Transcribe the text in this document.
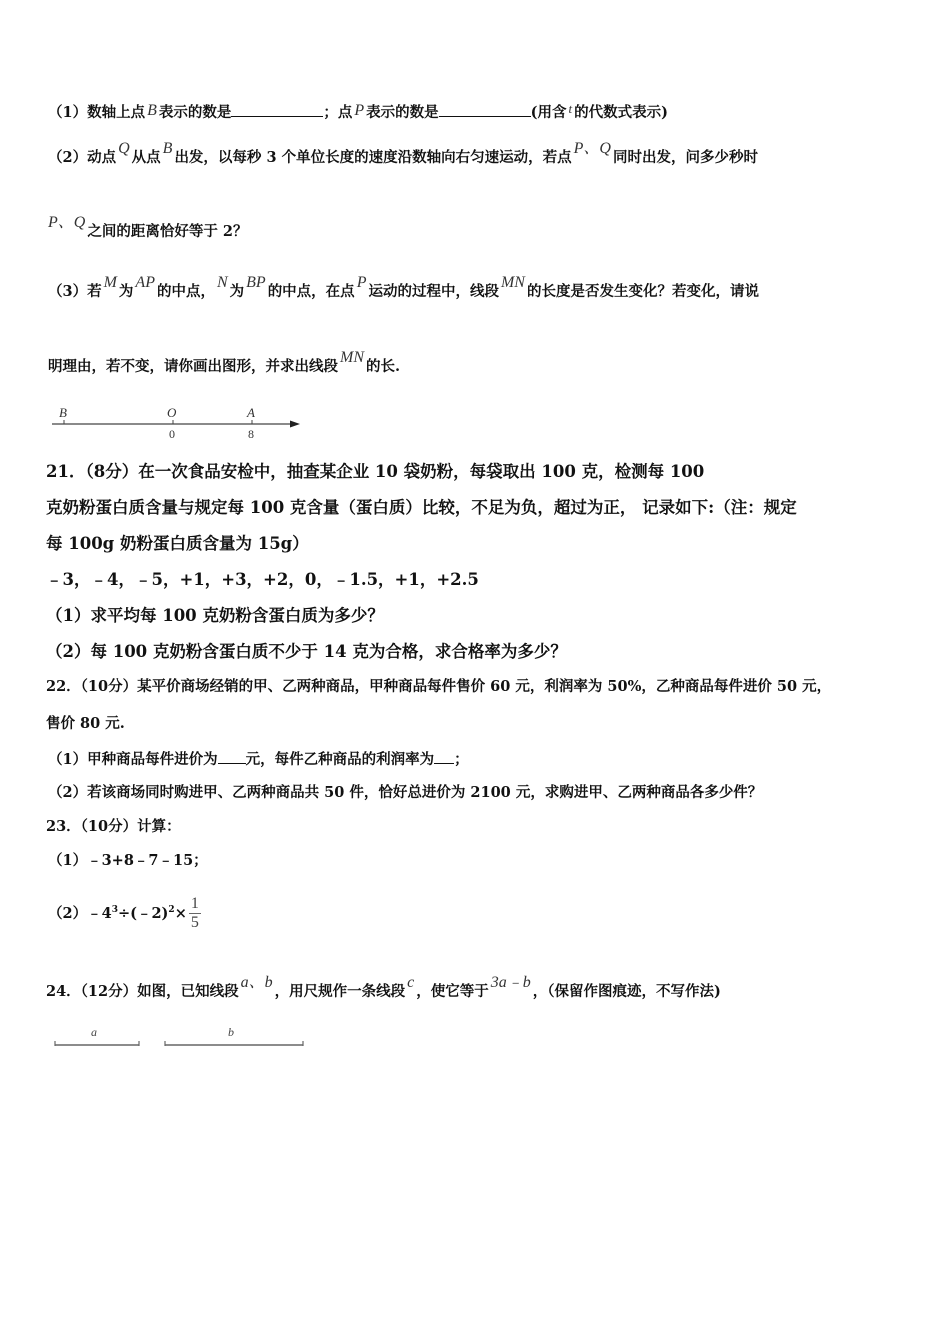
（1）数轴上点 B 表示的数是	；点 P 表示的数是	(用含 t 的代数式表示)
（2）动点Q从点B出发，以每秒 3 个单位长度的速度沿数轴向右匀速运动，若点P、Q同时出发，问多少秒时
P、Q之间的距离恰好等于 2？
（3）若M为AP的中点，N为BP的中点，在点P运动的过程中，线段MN的长度是否发生变化？若变化，请说
明理由，若不变，请你画出图形，并求出线段MN的长.
B	O	A
0	8
21．（8分）在一次食品安检中，抽查某企业 10 袋奶粉，每袋取出 100 克，检测每 100
克奶粉蛋白质含量与规定每 100 克含量（蛋白质）比较，不足为负，超过为正， 记录如下:（注：规定
每 100g 奶粉蛋白质含量为 15g）
﹣3，﹣4，﹣5，+1，+3，+2，0，﹣1.5，+1，+2.5
（1）求平均每 100 克奶粉含蛋白质为多少？
（2）每 100 克奶粉含蛋白质不少于 14 克为合格，求合格率为多少？
22．（10分）某平价商场经销的甲、乙两种商品，甲种商品每件售价 60 元，利润率为 50%，乙种商品每件进价 50 元，
售价 80 元.
（1）甲种商品每件进价为 元，每件乙种商品的利润率为 ；
（2）若该商场同时购进甲、乙两种商品共 50 件，恰好总进价为 2100 元，求购进甲、乙两种商品各多少件？
23．（10分）计算：
（1）﹣3+8﹣7﹣15；
$(2)﹣4^3\div(﹣2)^2\times \frac{1}{5}$
24．（12分）如图，已知线段a、b，用尺规作一条线段c，使它等于3a﹣b，（保留作图痕迹，不写作法)
a	b
